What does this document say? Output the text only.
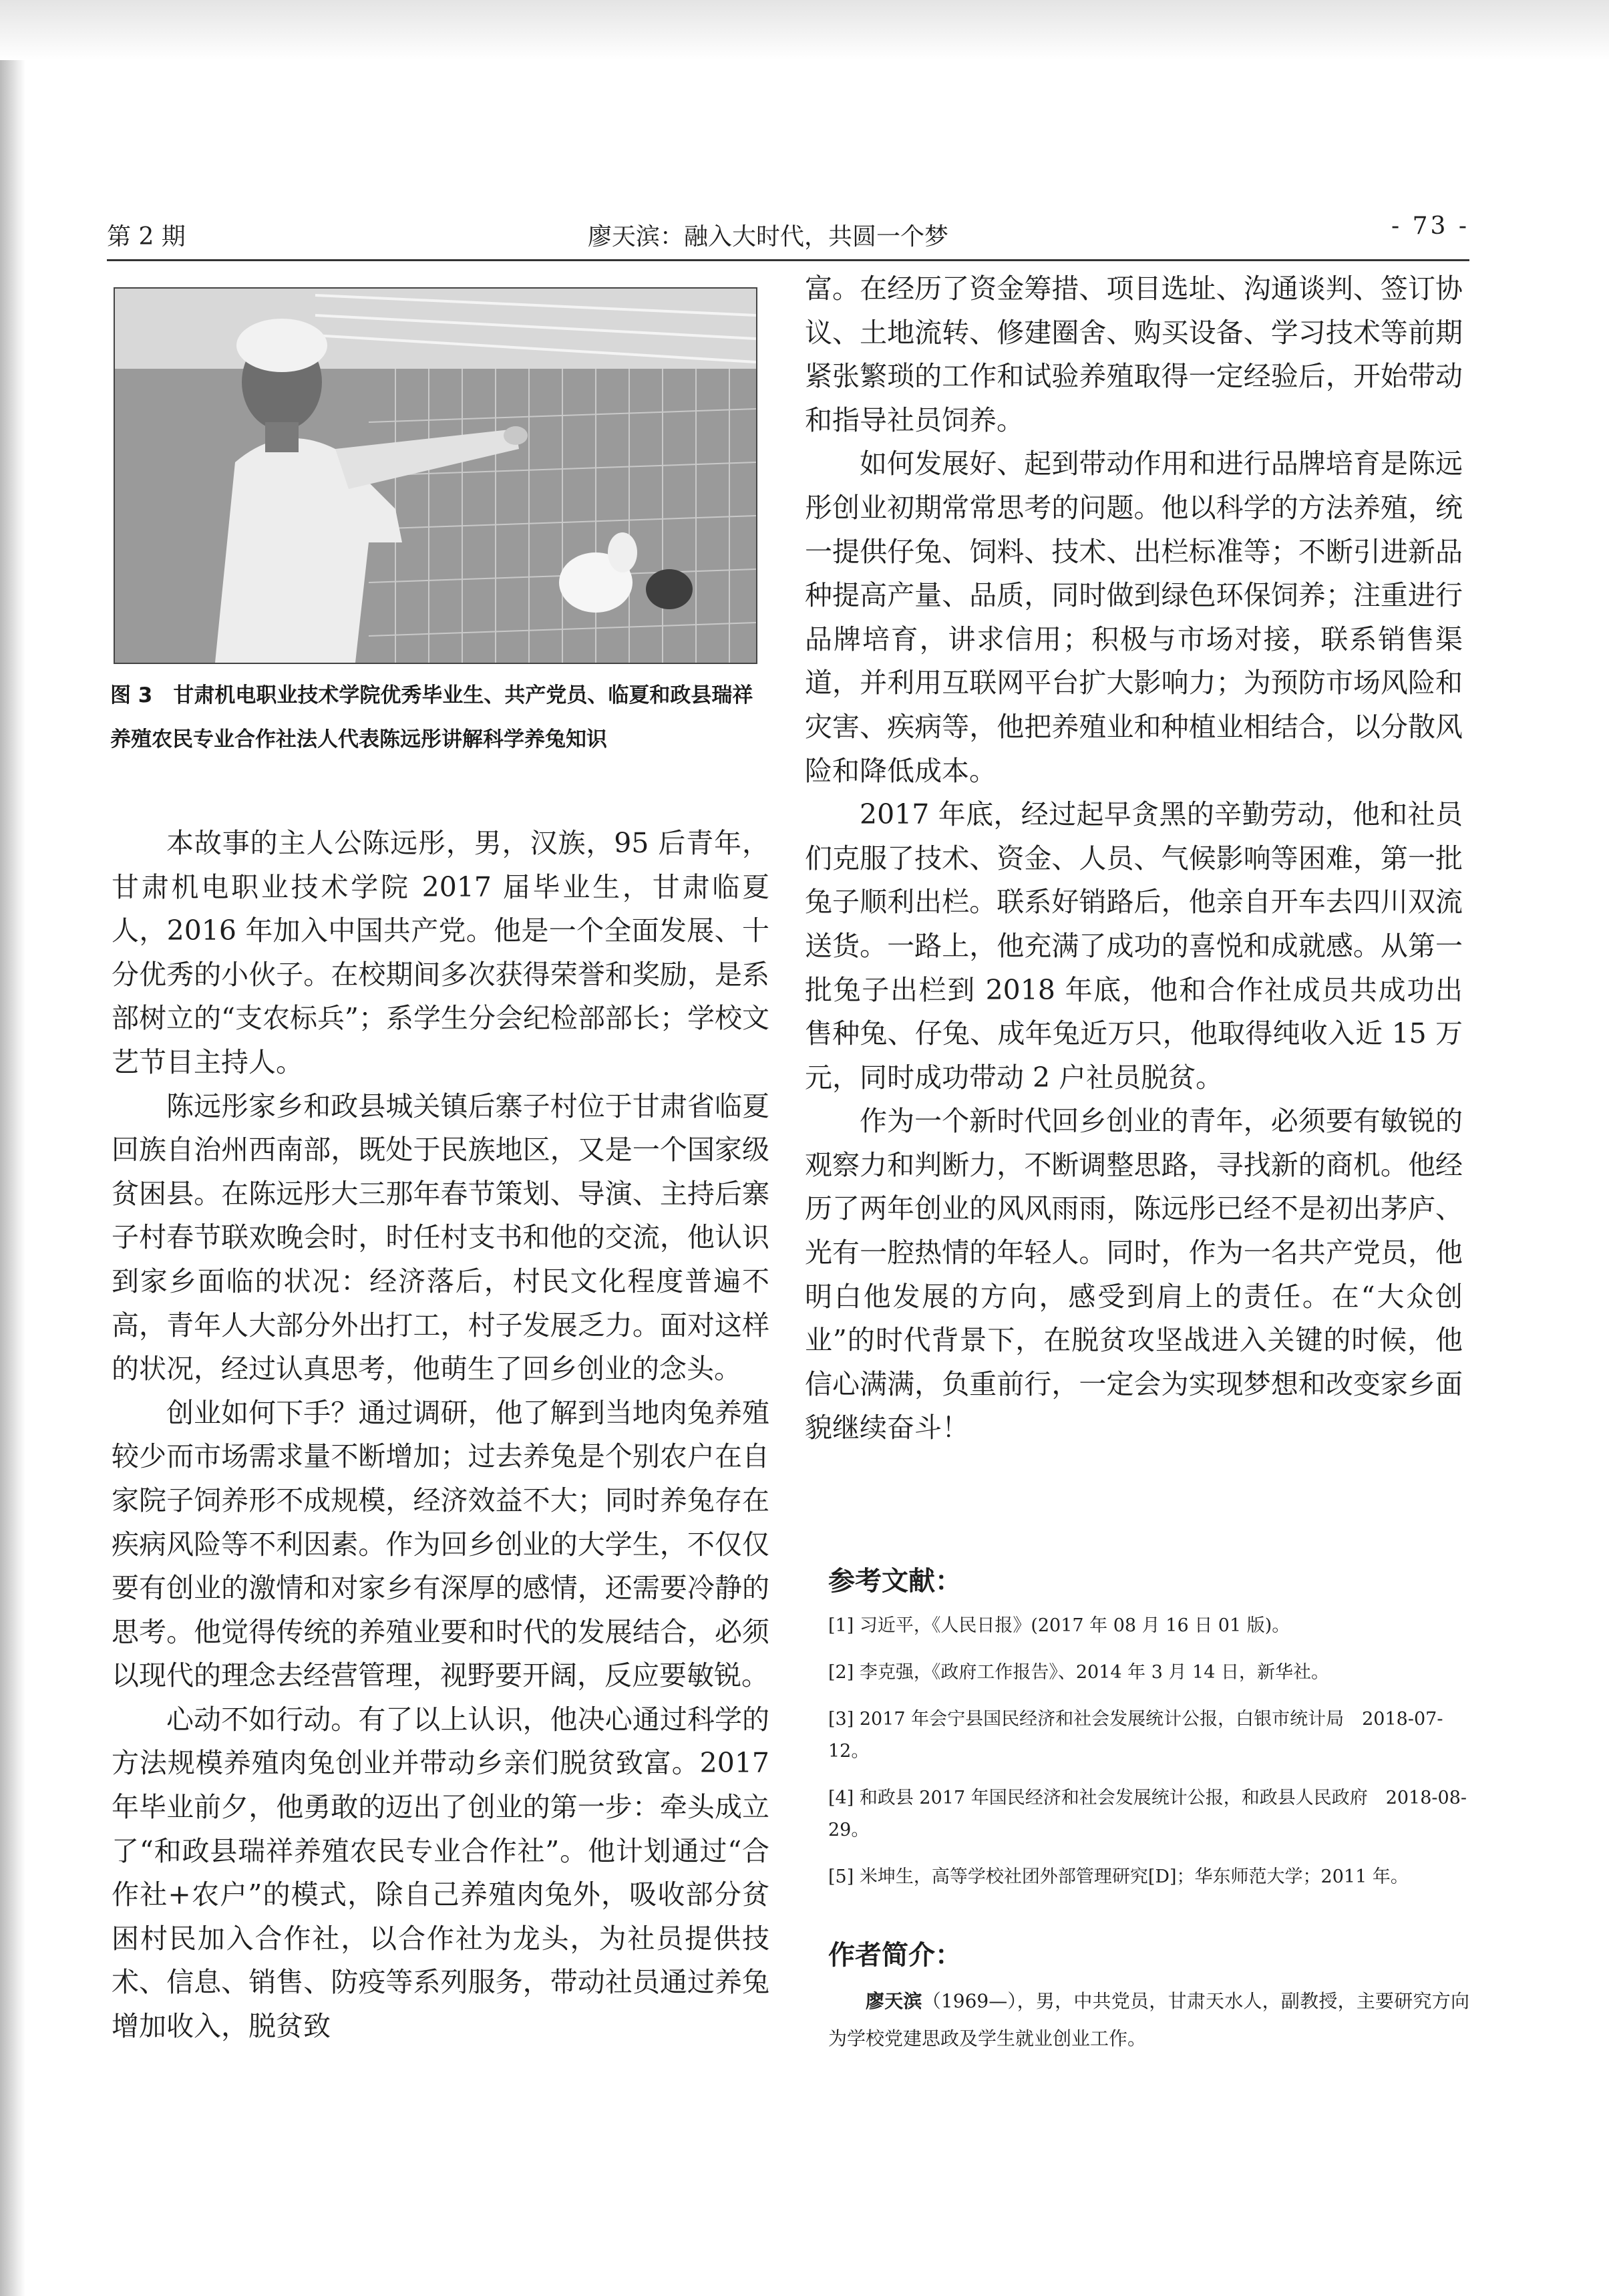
第 2 期	廖天滨：融入大时代，共圆一个梦	- 73 -
图 3　甘肃机电职业技术学院优秀毕业生、共产党员、临夏和政县瑞祥养殖农民专业合作社法人代表陈远彤讲解科学养兔知识

本故事的主人公陈远彤，男，汉族，95 后青年，甘肃机电职业技术学院 2017 届毕业生，甘肃临夏人，2016 年加入中国共产党。他是一个全面发展、十分优秀的小伙子。在校期间多次获得荣誉和奖励，是系部树立的“支农标兵”；系学生分会纪检部部长；学校文艺节目主持人。

陈远彤家乡和政县城关镇后寨子村位于甘肃省临夏回族自治州西南部，既处于民族地区，又是一个国家级贫困县。在陈远彤大三那年春节策划、导演、主持后寨子村春节联欢晚会时，时任村支书和他的交流，他认识到家乡面临的状况：经济落后，村民文化程度普遍不高，青年人大部分外出打工，村子发展乏力。面对这样的状况，经过认真思考，他萌生了回乡创业的念头。

创业如何下手？通过调研，他了解到当地肉兔养殖较少而市场需求量不断增加；过去养兔是个别农户在自家院子饲养形不成规模，经济效益不大；同时养兔存在疾病风险等不利因素。作为回乡创业的大学生，不仅仅要有创业的激情和对家乡有深厚的感情，还需要冷静的思考。他觉得传统的养殖业要和时代的发展结合，必须以现代的理念去经营管理，视野要开阔，反应要敏锐。

心动不如行动。有了以上认识，他决心通过科学的方法规模养殖肉兔创业并带动乡亲们脱贫致富。2017 年毕业前夕，他勇敢的迈出了创业的第一步：牵头成立了“和政县瑞祥养殖农民专业合作社”。他计划通过“合作社+农户”的模式，除自己养殖肉兔外，吸收部分贫困村民加入合作社，以合作社为龙头，为社员提供技术、信息、销售、防疫等系列服务，带动社员通过养兔增加收入，脱贫致

富。在经历了资金筹措、项目选址、沟通谈判、签订协议、土地流转、修建圈舍、购买设备、学习技术等前期紧张繁琐的工作和试验养殖取得一定经验后，开始带动和指导社员饲养。

如何发展好、起到带动作用和进行品牌培育是陈远彤创业初期常常思考的问题。他以科学的方法养殖，统一提供仔兔、饲料、技术、出栏标准等；不断引进新品种提高产量、品质，同时做到绿色环保饲养；注重进行品牌培育，讲求信用；积极与市场对接，联系销售渠道，并利用互联网平台扩大影响力；为预防市场风险和灾害、疾病等，他把养殖业和种植业相结合，以分散风险和降低成本。

2017 年底，经过起早贪黑的辛勤劳动，他和社员们克服了技术、资金、人员、气候影响等困难，第一批兔子顺利出栏。联系好销路后，他亲自开车去四川双流送货。一路上，他充满了成功的喜悦和成就感。从第一批兔子出栏到 2018 年底，他和合作社成员共成功出售种兔、仔兔、成年兔近万只，他取得纯收入近 15 万元，同时成功带动 2 户社员脱贫。

作为一个新时代回乡创业的青年，必须要有敏锐的观察力和判断力，不断调整思路，寻找新的商机。他经历了两年创业的风风雨雨，陈远彤已经不是初出茅庐、光有一腔热情的年轻人。同时，作为一名共产党员，他明白他发展的方向，感受到肩上的责任。在“大众创业”的时代背景下，在脱贫攻坚战进入关键的时候，他信心满满，负重前行，一定会为实现梦想和改变家乡面貌继续奋斗！

参考文献：
[1] 习近平，《人民日报》(2017 年 08 月 16 日 01 版)。
[2] 李克强，《政府工作报告》、2014 年 3 月 14 日，新华社。
[3] 2017 年会宁县国民经济和社会发展统计公报，白银市统计局　2018-07-12。
[4] 和政县 2017 年国民经济和社会发展统计公报，和政县人民政府　2018-08-29。
[5] 米坤生，高等学校社团外部管理研究[D]；华东师范大学；2011 年。
作者简介：
廖天滨（1969—），男，中共党员，甘肃天水人，副教授，主要研究方向为学校党建思政及学生就业创业工作。
